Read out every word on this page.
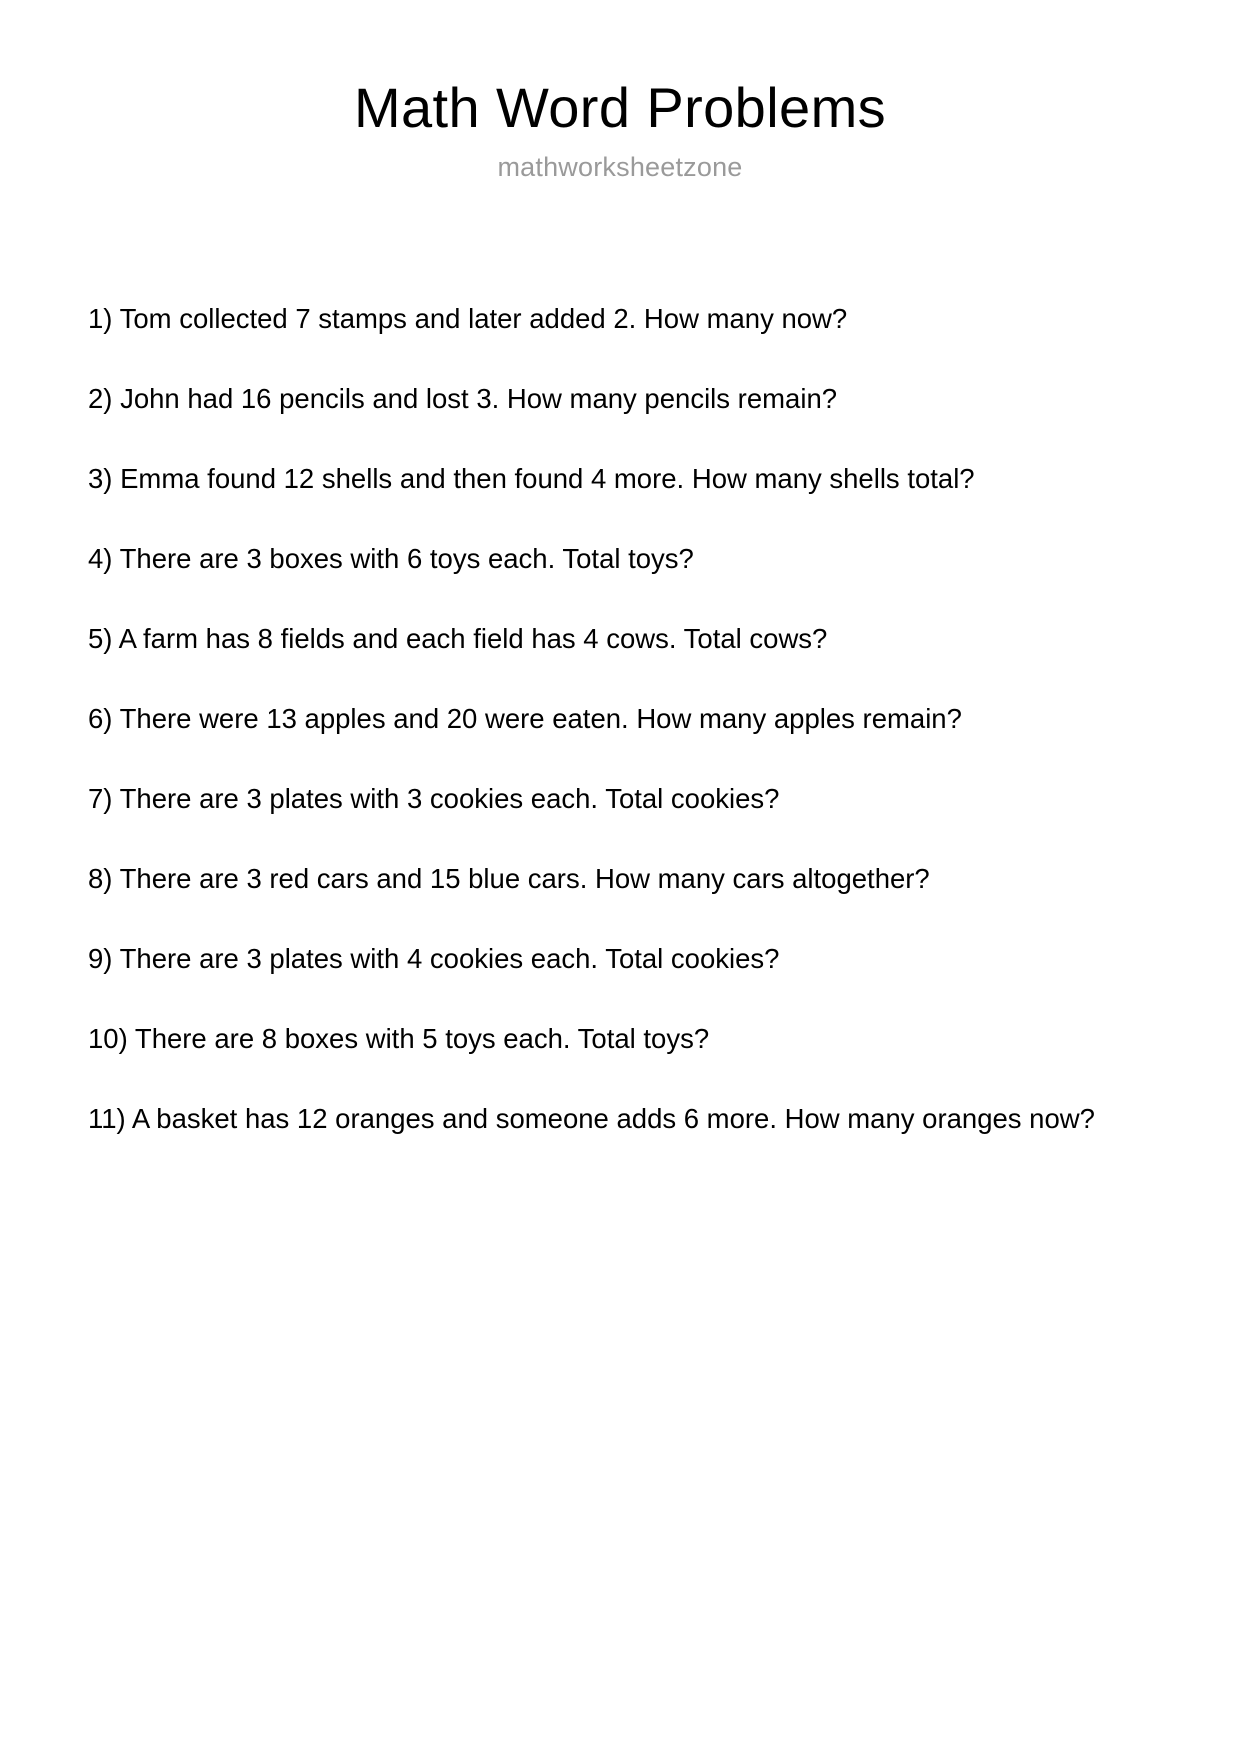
Math Word Problems

mathworksheetzone

1) Tom collected 7 stamps and later added 2. How many now?
2) John had 16 pencils and lost 3. How many pencils remain?
3) Emma found 12 shells and then found 4 more. How many shells total?
4) There are 3 boxes with 6 toys each. Total toys?
5) A farm has 8 fields and each field has 4 cows. Total cows?
6) There were 13 apples and 20 were eaten. How many apples remain?
7) There are 3 plates with 3 cookies each. Total cookies?
8) There are 3 red cars and 15 blue cars. How many cars altogether?
9) There are 3 plates with 4 cookies each. Total cookies?
10) There are 8 boxes with 5 toys each. Total toys?
11) A basket has 12 oranges and someone adds 6 more. How many oranges now?
